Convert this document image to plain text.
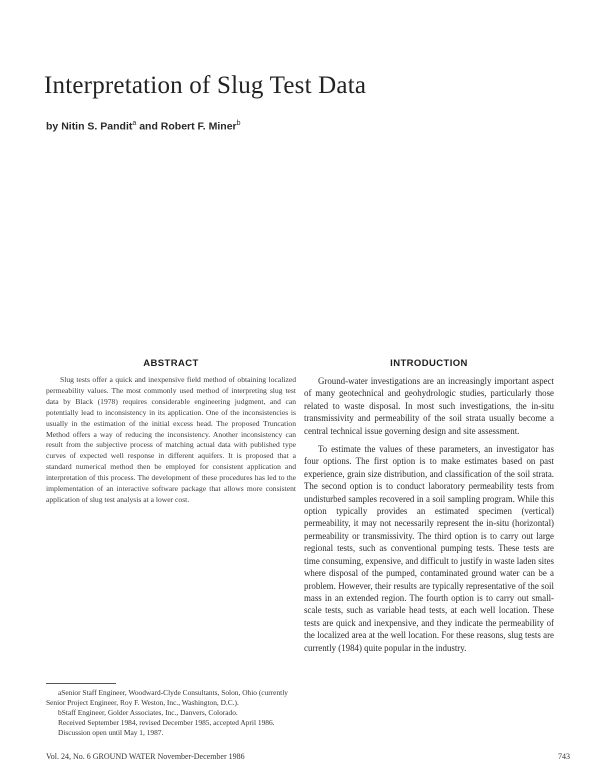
Interpretation of Slug Test Data
by Nitin S. Pandit$^a$ and Robert F. Miner$^b$
ABSTRACT

Slug tests offer a quick and inexpensive field method of obtaining localized permeability values. The most commonly used method of interpreting slug test data by Black (1978) requires considerable engineering judgment, and can potentially lead to inconsistency in its application. One of the inconsistencies is usually in the estimation of the initial excess head. The proposed Truncation Method offers a way of reducing the inconsistency. Another inconsistency can result from the subjective process of matching actual data with published type curves of expected well response in different aquifers. It is proposed that a standard numerical method then be employed for consistent application and interpretation of this process. The development of these procedures has led to the implementation of an interactive software package that allows more consistent application of slug test analysis at a lower cost.

INTRODUCTION

Ground-water investigations are an increasingly important aspect of many geotechnical and geohydrologic studies, particularly those related to waste disposal. In most such investigations, the in-situ transmissivity and permeability of the soil strata usually become a central technical issue governing design and site assessment.

To estimate the values of these parameters, an investigator has four options. The first option is to make estimates based on past experience, grain size distribution, and classification of the soil strata. The second option is to conduct laboratory permeability tests from undisturbed samples recovered in a soil sampling program. While this option typically provides an estimated specimen (vertical) permeability, it may not necessarily represent the in-situ (horizontal) permeability or transmissivity. The third option is to carry out large regional tests, such as conventional pumping tests. These tests are time consuming, expensive, and difficult to justify in waste laden sites where disposal of the pumped, contaminated ground water can be a problem. However, their results are typically representative of the soil mass in an extended region. The fourth option is to carry out small-scale tests, such as variable head tests, at each well location. These tests are quick and inexpensive, and they indicate the permeability of the localized area at the well location. For these reasons, slug tests are currently (1984) quite popular in the industry.

aSenior Staff Engineer, Woodward-Clyde Consultants, Solon, Ohio (currently Senior Project Engineer, Roy F. Weston, Inc., Washington, D.C.).
bStaff Engineer, Golder Associates, Inc., Danvers, Colorado.
Received September 1984, revised December 1985, accepted April 1986.
Discussion open until May 1, 1987.
Vol. 24, No. 6 GROUND WATER November-December 1986	743
